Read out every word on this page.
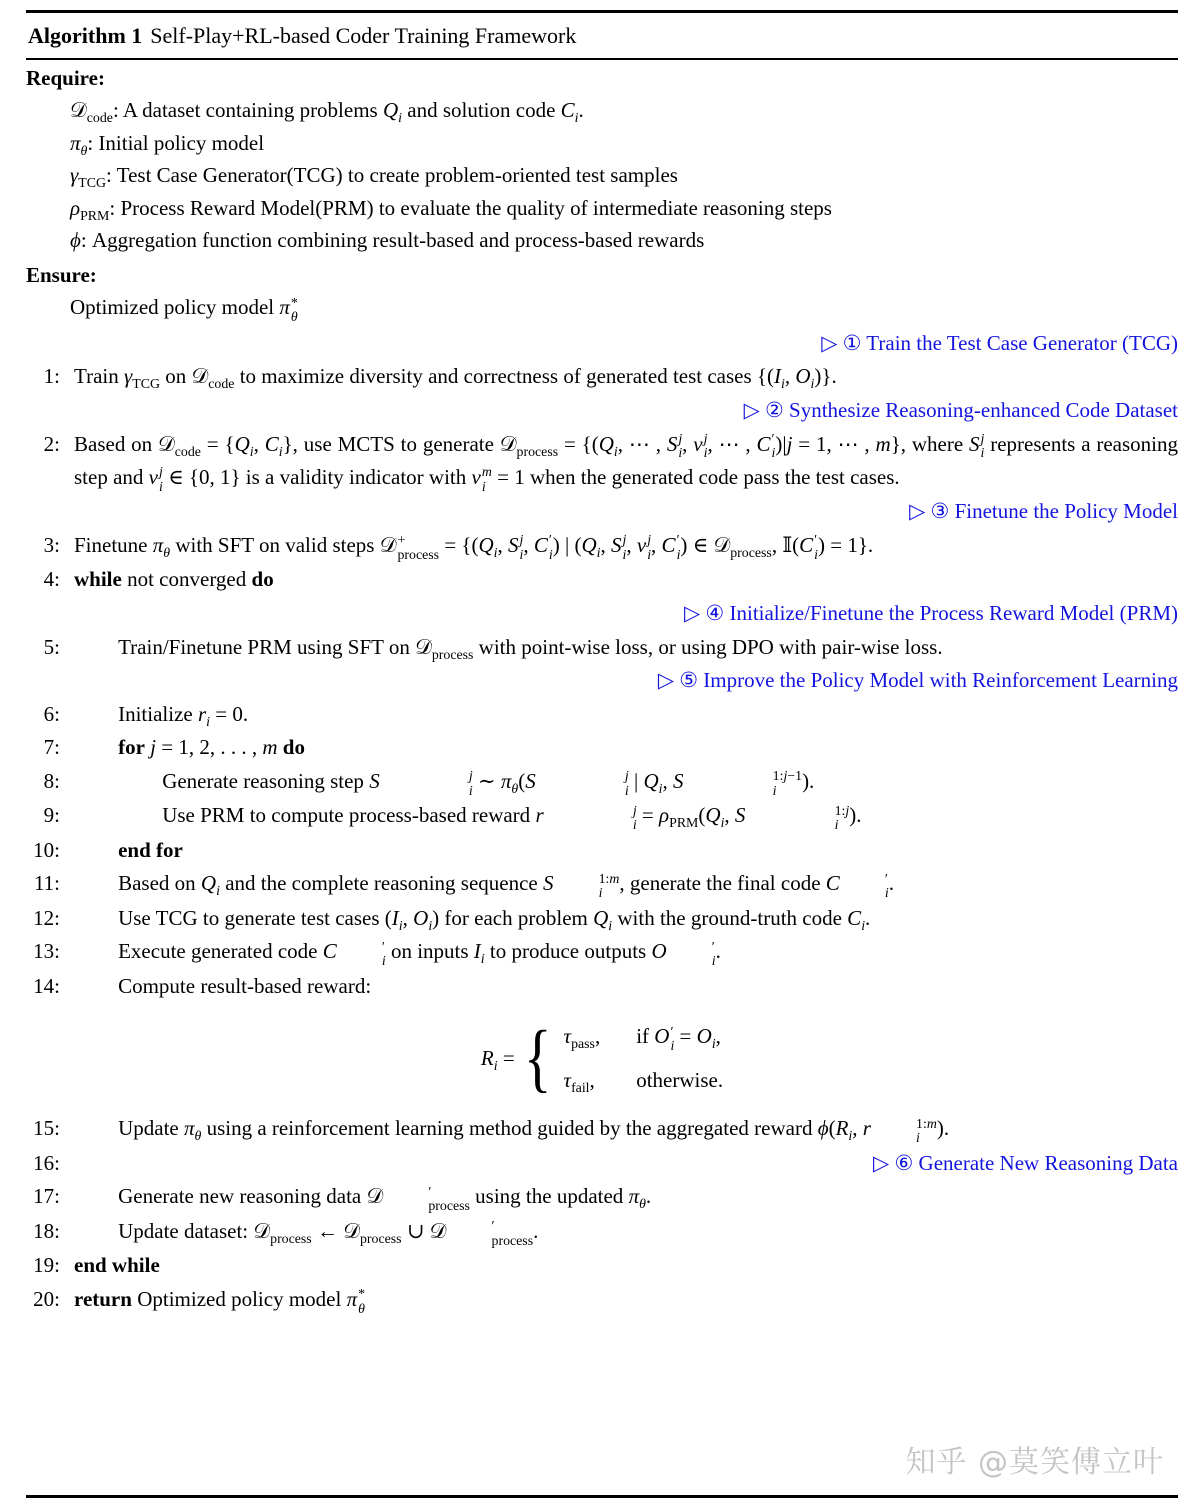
Algorithm 1 Self-Play+RL-based Coder Training Framework
Require:
𝒟$_{code}$: A dataset containing problems $Q_i$ and solution code $C_i$.
$\pi_\theta$: Initial policy model
$\gamma_{TCG}$: Test Case Generator(TCG) to create problem-oriented test samples
$\rho_{PRM}$: Process Reward Model(PRM) to evaluate the quality of intermediate reasoning steps
ϕ: Aggregation function combining result-based and process-based rewards
Ensure:
Optimized policy model π *
θ
▷ ① Train the Test Case Generator (TCG)
1: Train $\gamma_{TCG}$ on 𝒟$_{code}$ to maximize diversity and correctness of generated test cases {($I_i$, $O_i$)}.
▷ ② Synthesize Reasoning-enhanced Code Dataset
2: Based on 𝒟$_{code}$ = {$Q_i$, $C_i$}, use MCTS to generate 𝒟$_{process}$ = {($Q_i$, ⋯ , S j
i , v j
i , ⋯ , C ′
i )|j = 1, ⋯ , m}, where S j
i represents a reasoning step and v j
i ∈ {0, 1} is a validity indicator with v m
i = 1 when the generated code pass the test cases.
▷ ③ Finetune the Policy Model
3: Finetune $\pi_\theta$ with SFT on valid steps 𝒟 +
process = {($Q_i$, S j
i , C ′
i ) | ($Q_i$, S j
i , v j
i , C ′
i ) ∈ 𝒟$_{process}$, 𝕀(C ′
i ) = 1}.
4: while not converged do
▷ ④ Initialize/Finetune the Process Reward Model (PRM)
5:	Train/Finetune PRM using SFT on 𝒟$_{process}$ with point-wise loss, or using DPO with pair-wise loss.
▷ ⑤ Improve the Policy Model with Reinforcement Learning
6:	Initialize $r_i = 0$.
7:	for j = 1, 2, . . . , m do
8:	Generate reasoning step S	j
i ∼ $\pi_\theta(S$	j
i | $Q_i$, S	1:j−1
i	).
9:	Use PRM to compute process-based reward r	j
$i = \rho_{PRM}(Q_i$, S	1:j
i ).
10:	end for
11:	Based on $Q_i$ and the complete reasoning sequence S	1:m
i , generate the final code C	′
i .
12:	Use TCG to generate test cases ($I_i$, $O_i$) for each problem $Q_i$ with the ground-truth code $C_i$.
13:	Execute generated code C	′
i on inputs $I_i$ to produce outputs O	′
i .
14:	Compute result-based reward:
$R_i$ = { $\tau_{pass}$, if O ′
$i = O_i$,
$\tau_{fail}$, otherwise.
15:	Update $\pi_\theta$ using a reinforcement learning method guided by the aggregated reward $\phi(R_i$, r	1:m
i ).
16:	▷ ⑥ Generate New Reasoning Data
17:	Generate new reasoning data 𝒟	′
process using the updated $\pi_\theta$.
18:	Update dataset: 𝒟$_{process}$ ← 𝒟$_{process}$ ∪ 𝒟	′
process .
19: end while
20: return Optimized policy model π *
θ
知乎 @莫笑傅立叶
